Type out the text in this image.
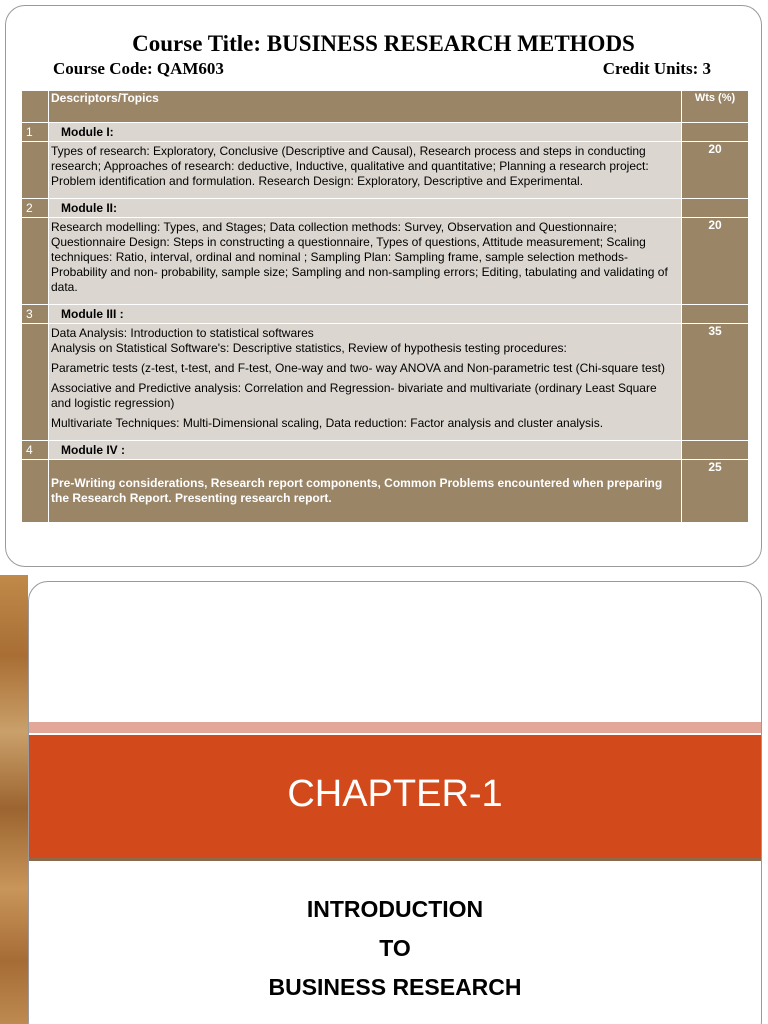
Course Title: BUSINESS RESEARCH METHODS
Course Code: QAM603	Credit Units: 3
	Descriptors/Topics	Wts (%)
1	Module I:	

	Types of research: Exploratory, Conclusive (Descriptive and Causal), Research process and steps in conducting research; Approaches of research: deductive, Inductive, qualitative and quantitative; Planning a research project: Problem identification and formulation. Research Design: Exploratory, Descriptive and Experimental.	20
2	Module II:	

	Research modelling: Types, and Stages; Data collection methods: Survey, Observation and Questionnaire; Questionnaire Design: Steps in constructing a questionnaire, Types of questions, Attitude measurement; Scaling techniques: Ratio, interval, ordinal and nominal ; Sampling Plan: Sampling frame, sample selection methods- Probability and non- probability, sample size; Sampling and non-sampling errors; Editing, tabulating and validating of data.	20
3	Module III :	

	Data Analysis: Introduction to statistical softwares
Analysis on Statistical Software's: Descriptive statistics, Review of hypothesis testing procedures:
Parametric tests (z-test, t-test, and F-test, One-way and two- way ANOVA and Non-parametric test (Chi-square test)
Associative and Predictive analysis: Correlation and Regression- bivariate and multivariate (ordinary Least Square and logistic regression)
Multivariate Techniques: Multi-Dimensional scaling, Data reduction: Factor analysis and cluster analysis.	35
4	Module IV :	
	Pre-Writing considerations, Research report components, Common Problems encountered when preparing the Research Report. Presenting research report.	25
CHAPTER-1
INTRODUCTION
TO
BUSINESS RESEARCH
